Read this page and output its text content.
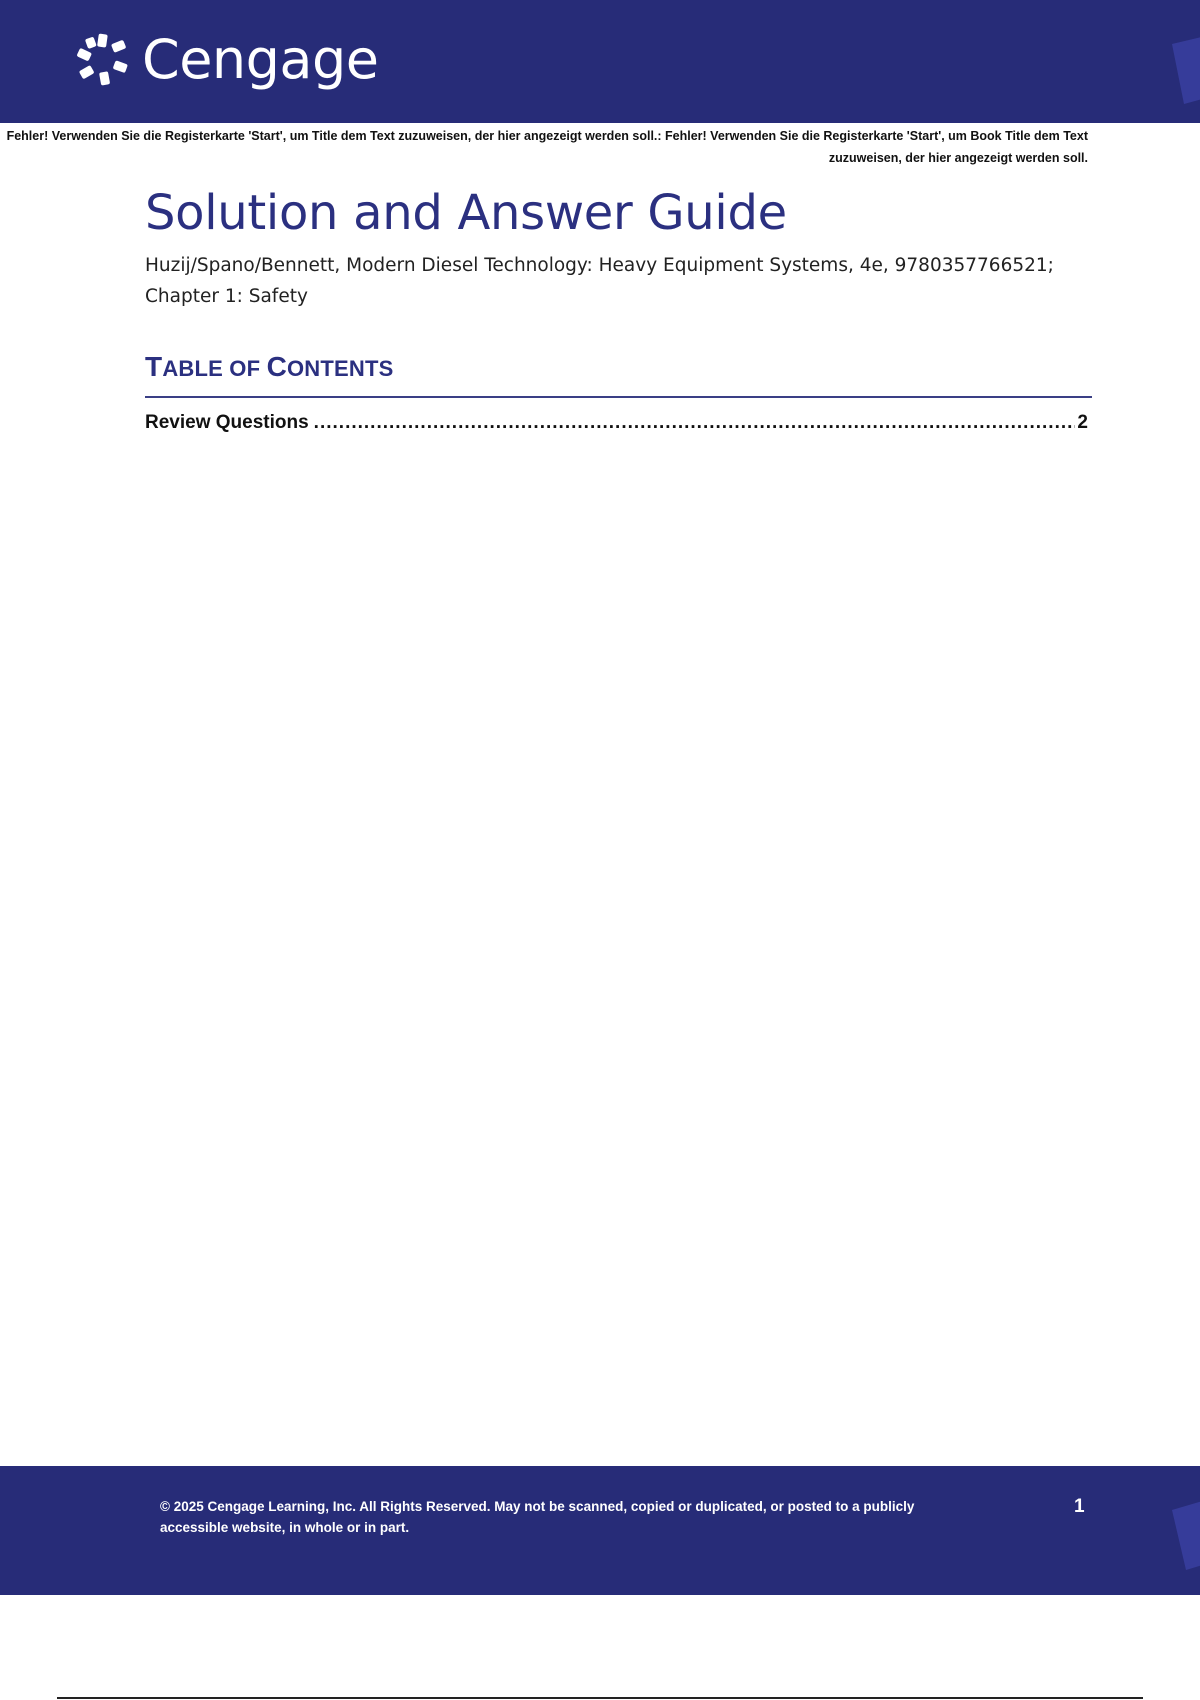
Cengage
Fehler! Verwenden Sie die Registerkarte 'Start', um Title dem Text zuzuweisen, der hier angezeigt werden soll.: Fehler! Verwenden Sie die Registerkarte 'Start', um Book Title dem Text zuzuweisen, der hier angezeigt werden soll.
Solution and Answer Guide
Huzij/Spano/Bennett, Modern Diesel Technology: Heavy Equipment Systems, 4e, 9780357766521;
Chapter 1: Safety
TABLE OF CONTENTS
Review Questions
.....	2
© 2025 Cengage Learning, Inc. All Rights Reserved. May not be scanned, copied or duplicated, or posted to a publicly accessible website, in whole or in part.
1
